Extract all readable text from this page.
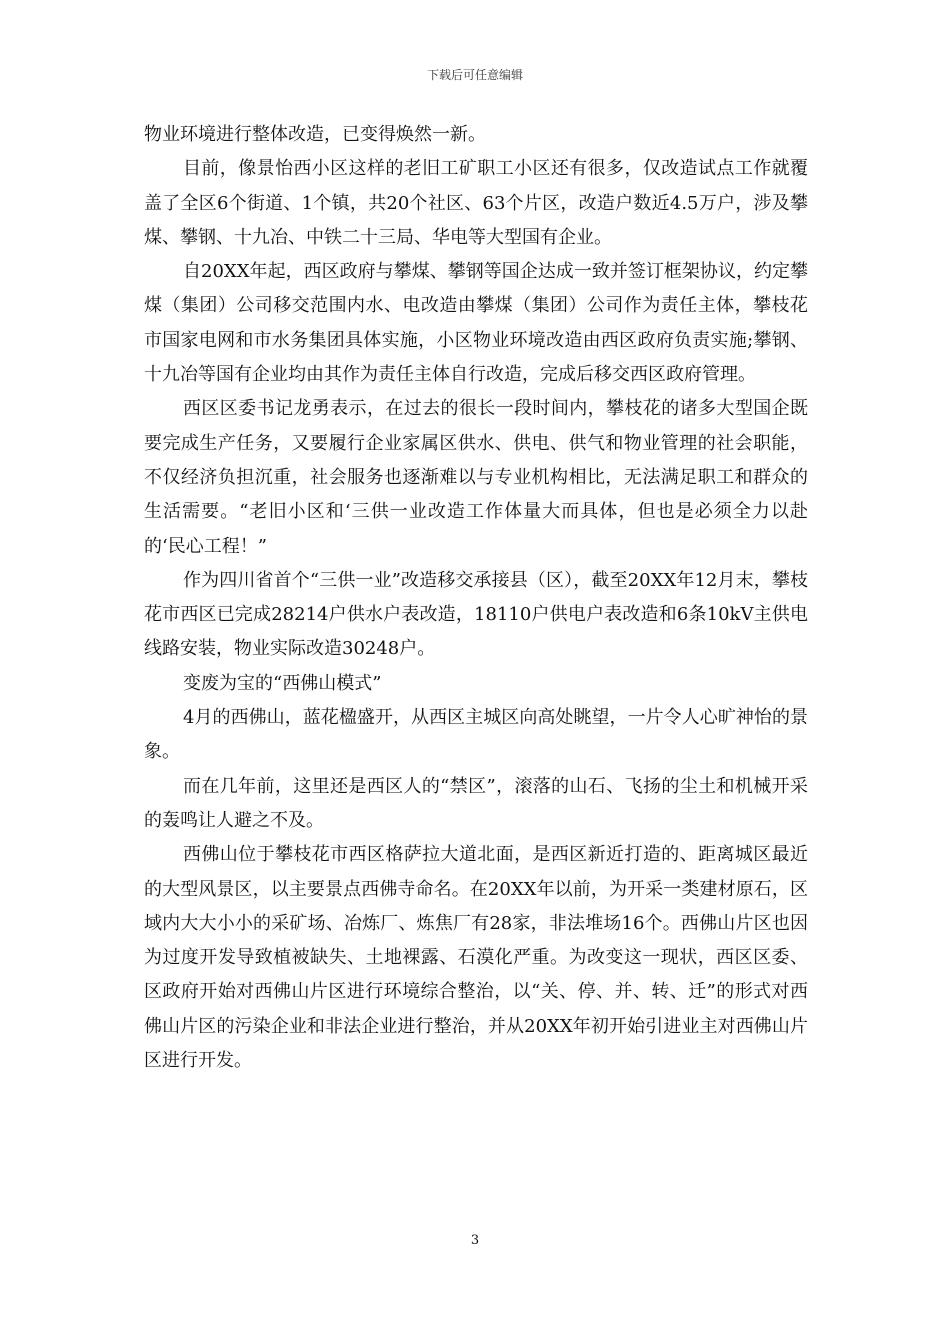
下载后可任意编辑

物业环境进行整体改造，已变得焕然一新。

目前，像景怡西小区这样的老旧工矿职工小区还有很多，仅改造试点工作就覆盖了全区6个街道、1个镇，共20个社区、63个片区，改造户数近4.5万户，涉及攀煤、攀钢、十九冶、中铁二十三局、华电等大型国有企业。

自20XX年起，西区政府与攀煤、攀钢等国企达成一致并签订框架协议，约定攀煤（集团）公司移交范围内水、电改造由攀煤（集团）公司作为责任主体，攀枝花市国家电网和市水务集团具体实施，小区物业环境改造由西区政府负责实施;攀钢、十九冶等国有企业均由其作为责任主体自行改造，完成后移交西区政府管理。

西区区委书记龙勇表示，在过去的很长一段时间内，攀枝花的诸多大型国企既要完成生产任务，又要履行企业家属区供水、供电、供气和物业管理的社会职能，不仅经济负担沉重，社会服务也逐渐难以与专业机构相比，无法满足职工和群众的生活需要。“老旧小区和‘三供一业改造工作体量大而具体，但也是必须全力以赴的‘民心工程！”

作为四川省首个“三供一业”改造移交承接县（区），截至20XX年12月末，攀枝花市西区已完成28214户供水户表改造，18110户供电户表改造和6条10kV主供电线路安装，物业实际改造30248户。

变废为宝的“西佛山模式”

4月的西佛山，蓝花楹盛开，从西区主城区向高处眺望，一片令人心旷神怡的景象。

而在几年前，这里还是西区人的“禁区”，滚落的山石、飞扬的尘土和机械开采的轰鸣让人避之不及。

西佛山位于攀枝花市西区格萨拉大道北面，是西区新近打造的、距离城区最近的大型风景区，以主要景点西佛寺命名。在20XX年以前，为开采一类建材原石，区域内大大小小的采矿场、冶炼厂、炼焦厂有28家，非法堆场16个。西佛山片区也因为过度开发导致植被缺失、土地裸露、石漠化严重。为改变这一现状，西区区委、区政府开始对西佛山片区进行环境综合整治，以“关、停、并、转、迁”的形式对西佛山片区的污染企业和非法企业进行整治，并从20XX年初开始引进业主对西佛山片区进行开发。

3
